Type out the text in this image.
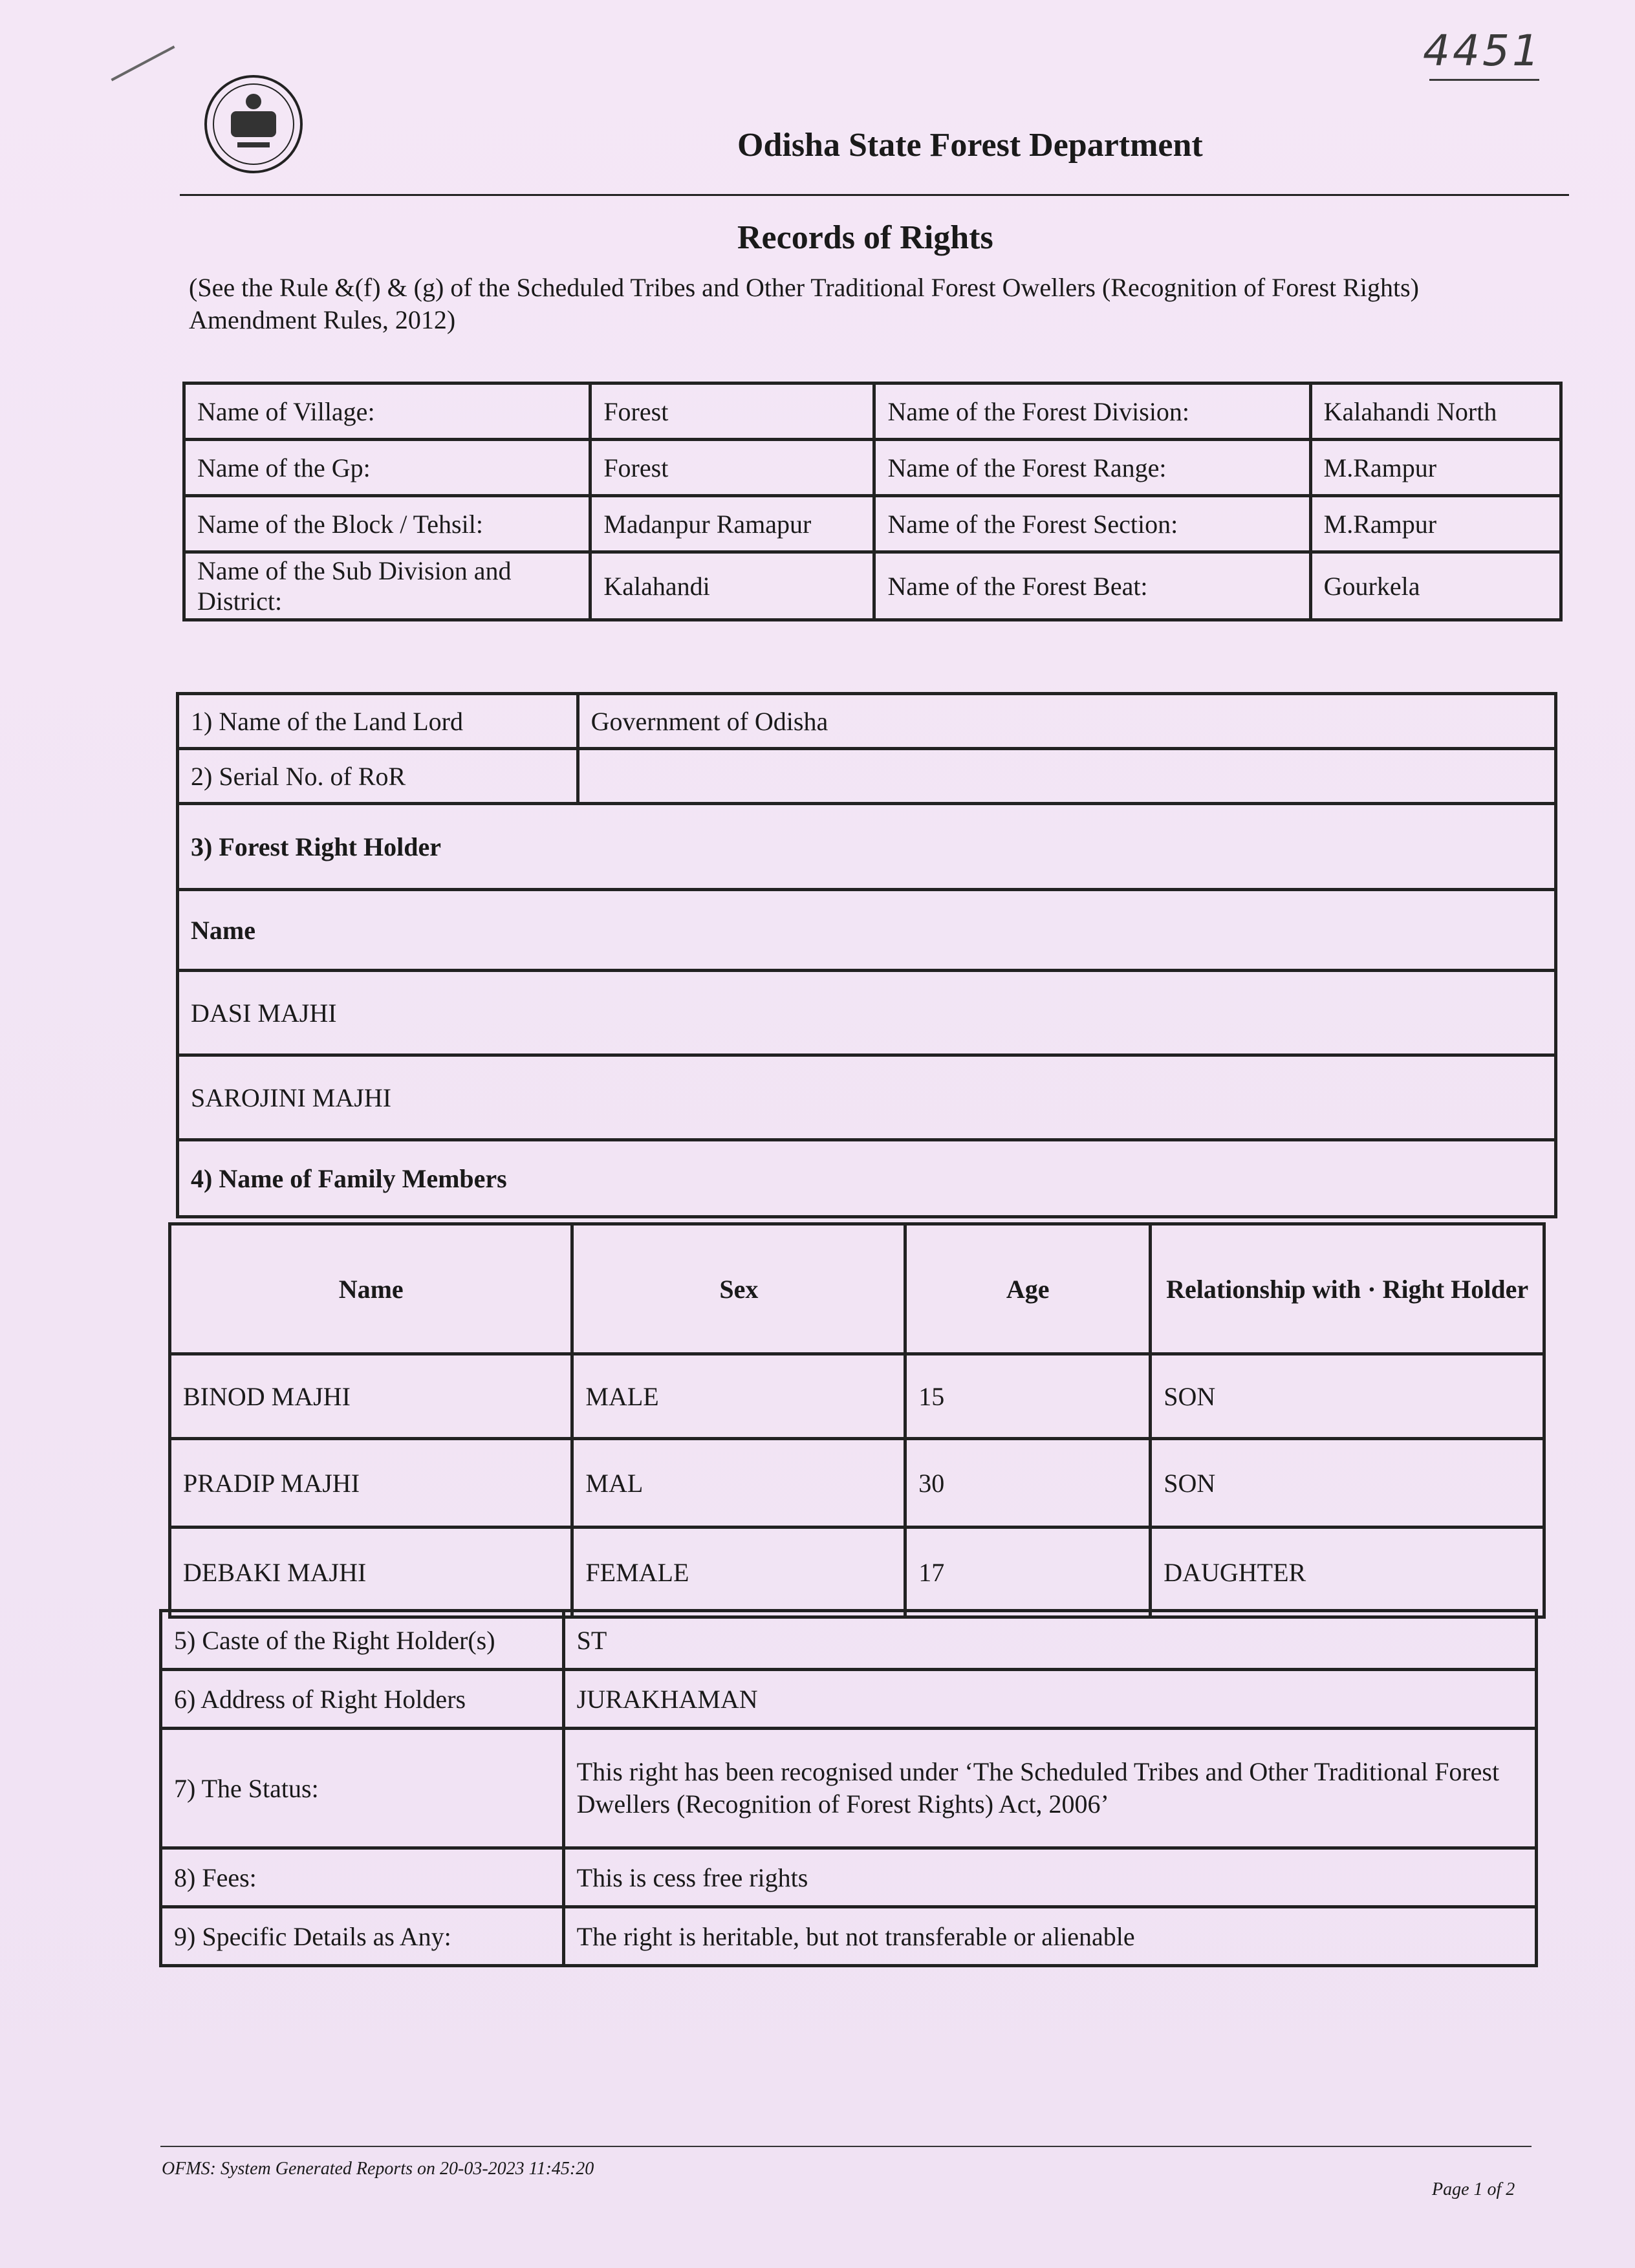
4451
Odisha State Forest Department
Records of Rights
(See the Rule &(f) & (g) of the Scheduled Tribes and Other Traditional Forest Owellers (Recognition of Forest Rights) Amendment Rules, 2012)
Name of Village:	Forest	Name of the Forest Division:	Kalahandi North
Name of the Gp:	Forest	Name of the Forest Range:	M.Rampur
Name of the Block / Tehsil:	Madanpur Ramapur	Name of the Forest Section:	M.Rampur
Name of the Sub Division and District:	Kalahandi	Name of the Forest Beat:	Gourkela
1) Name of the Land Lord	Government of Odisha
2) Serial No. of RoR	
3) Forest Right Holder	
Name	
DASI MAJHI	
SAROJINI MAJHI	
4) Name of Family Members	
Name	Sex	Age	Relationship with · Right Holder
BINOD MAJHI	MALE	15	SON
PRADIP MAJHI	MAL	30	SON
DEBAKI MAJHI	FEMALE	17	DAUGHTER
5) Caste of the Right Holder(s)	ST
6) Address of Right Holders	JURAKHAMAN
7) The Status:	This right has been recognised under ‘The Scheduled Tribes and Other Traditional Forest Dwellers (Recognition of Forest Rights) Act, 2006’
8) Fees:	This is cess free rights
9) Specific Details as Any:	The right is heritable, but not transferable or alienable
OFMS: System Generated Reports on 20-03-2023 11:45:20
Page 1 of 2
